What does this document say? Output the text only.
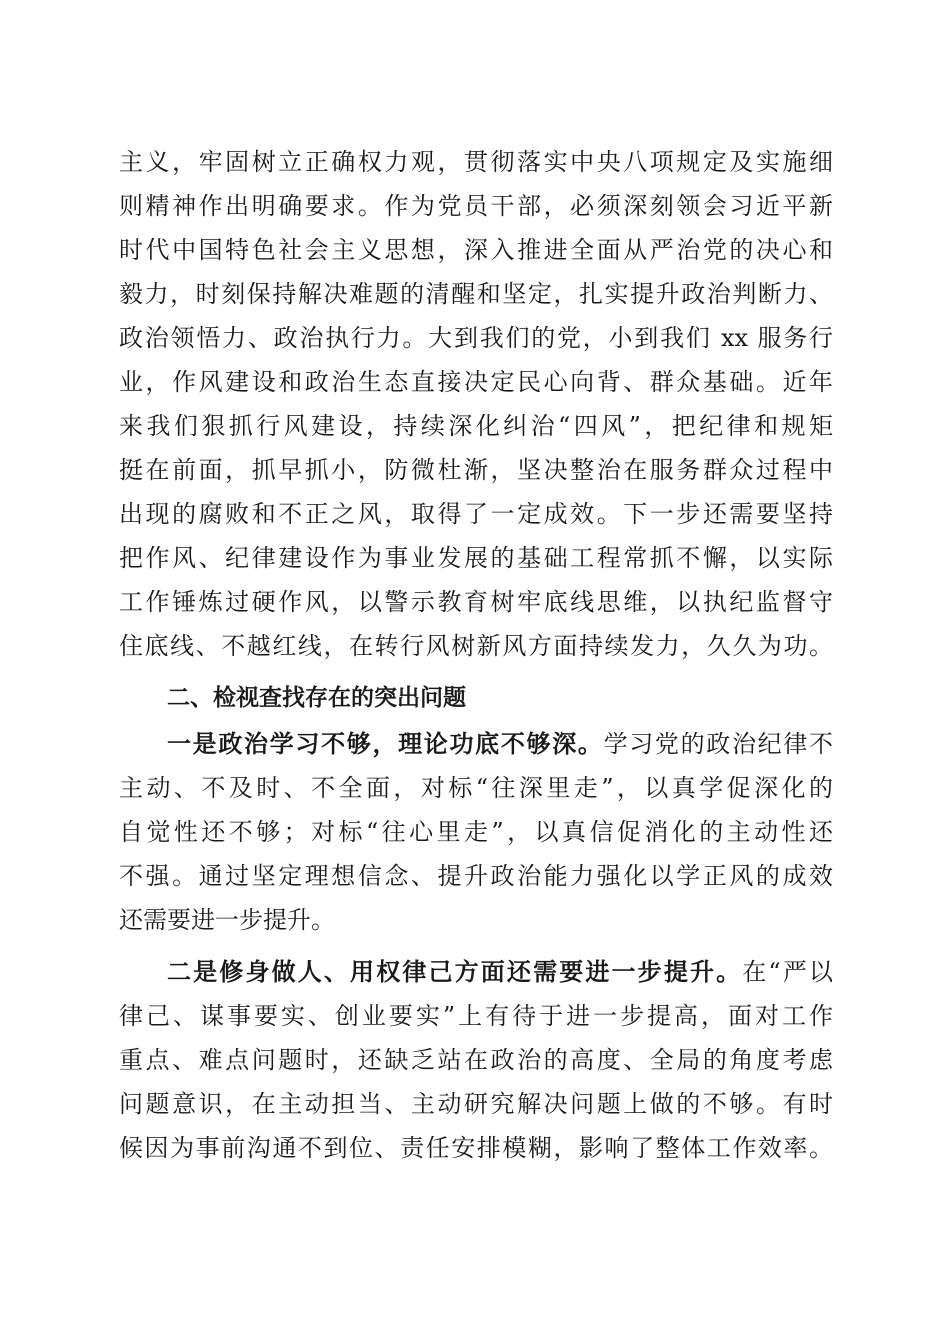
主义，牢固树立正确权力观，贯彻落实中央八项规定及实施细
则精神作出明确要求。作为党员干部，必须深刻领会习近平新
时代中国特色社会主义思想，深入推进全面从严治党的决心和
毅力，时刻保持解决难题的清醒和坚定，扎实提升政治判断力、
政治领悟力、政治执行力。大到我们的党，小到我们 xx 服务行
业，作风建设和政治生态直接决定民心向背、群众基础。近年
来我们狠抓行风建设，持续深化纠治“四风”，把纪律和规矩
挺在前面，抓早抓小，防微杜渐，坚决整治在服务群众过程中
出现的腐败和不正之风，取得了一定成效。下一步还需要坚持
把作风、纪律建设作为事业发展的基础工程常抓不懈，以实际
工作锤炼过硬作风，以警示教育树牢底线思维，以执纪监督守
住底线、不越红线，在转行风树新风方面持续发力，久久为功。
二、检视查找存在的突出问题
一是政治学习不够，理论功底不够深。学习党的政治纪律不
主动、不及时、不全面，对标“往深里走”，以真学促深化的
自觉性还不够；对标“往心里走”，以真信促消化的主动性还
不强。通过坚定理想信念、提升政治能力强化以学正风的成效
还需要进一步提升。
二是修身做人、用权律己方面还需要进一步提升。在“严以
律己、谋事要实、创业要实”上有待于进一步提高，面对工作
重点、难点问题时，还缺乏站在政治的高度、全局的角度考虑
问题意识，在主动担当、主动研究解决问题上做的不够。有时
候因为事前沟通不到位、责任安排模糊，影响了整体工作效率。
